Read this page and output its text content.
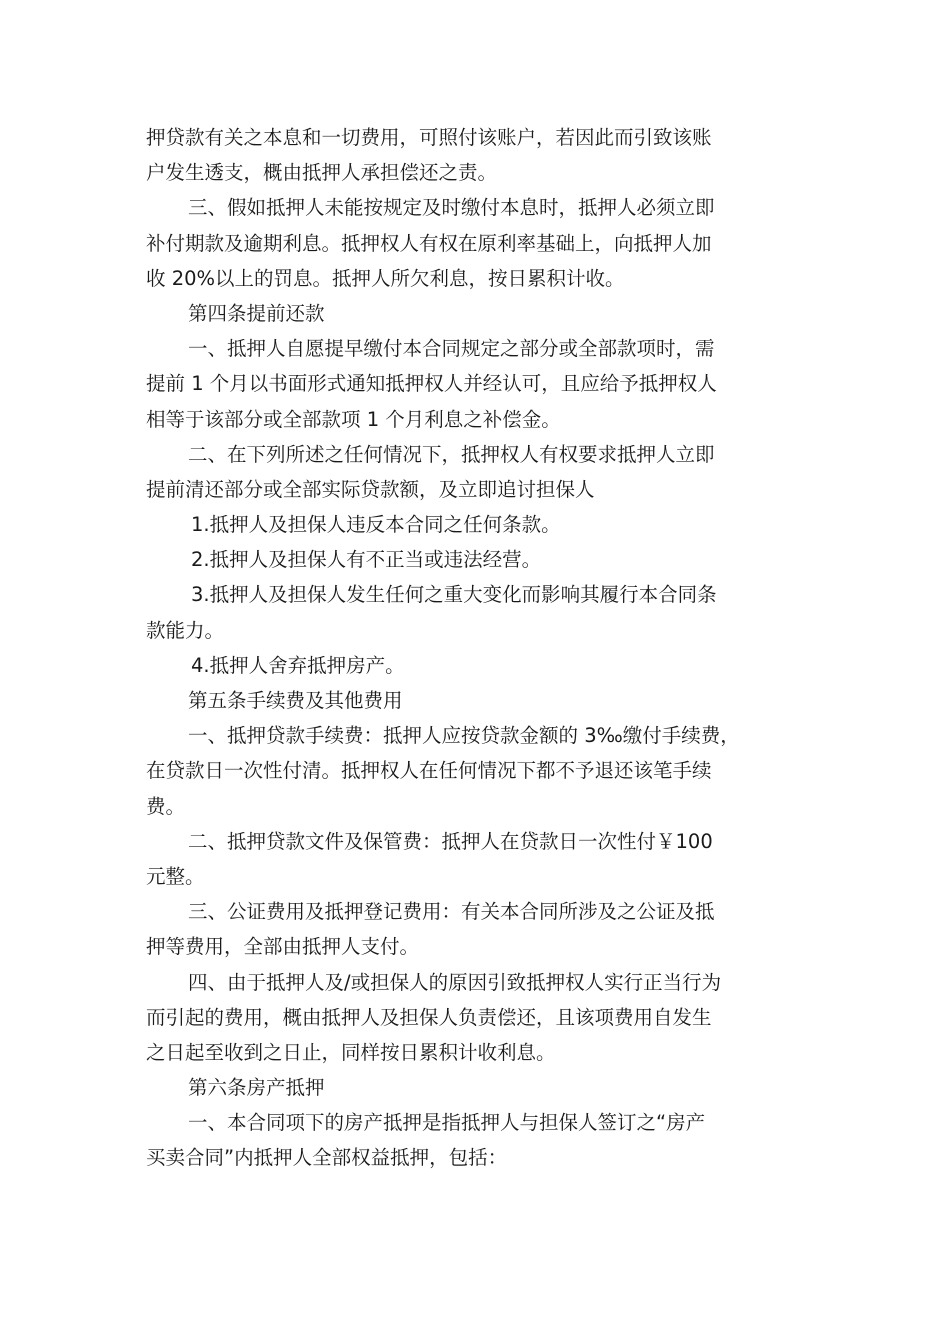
押贷款有关之本息和一切费用，可照付该账户，若因此而引致该账
户发生透支，概由抵押人承担偿还之责。
三、假如抵押人未能按规定及时缴付本息时，抵押人必须立即
补付期款及逾期利息。抵押权人有权在原利率基础上，向抵押人加
收 20%以上的罚息。抵押人所欠利息，按日累积计收。
第四条提前还款
一、抵押人自愿提早缴付本合同规定之部分或全部款项时，需
提前 1 个月以书面形式通知抵押权人并经认可，且应给予抵押权人
相等于该部分或全部款项 1 个月利息之补偿金。
二、在下列所述之任何情况下，抵押权人有权要求抵押人立即
提前清还部分或全部实际贷款额，及立即追讨担保人
1.抵押人及担保人违反本合同之任何条款。
2.抵押人及担保人有不正当或违法经营。
3.抵押人及担保人发生任何之重大变化而影响其履行本合同条
款能力。
4.抵押人舍弃抵押房产。
第五条手续费及其他费用
一、抵押贷款手续费：抵押人应按贷款金额的 3‰缴付手续费，
在贷款日一次性付清。抵押权人在任何情况下都不予退还该笔手续
费。
二、抵押贷款文件及保管费：抵押人在贷款日一次性付￥100
元整。
三、公证费用及抵押登记费用：有关本合同所涉及之公证及抵
押等费用，全部由抵押人支付。
四、由于抵押人及/或担保人的原因引致抵押权人实行正当行为
而引起的费用，概由抵押人及担保人负责偿还，且该项费用自发生
之日起至收到之日止，同样按日累积计收利息。
第六条房产抵押
一、本合同项下的房产抵押是指抵押人与担保人签订之“房产
买卖合同”内抵押人全部权益抵押，包括：
